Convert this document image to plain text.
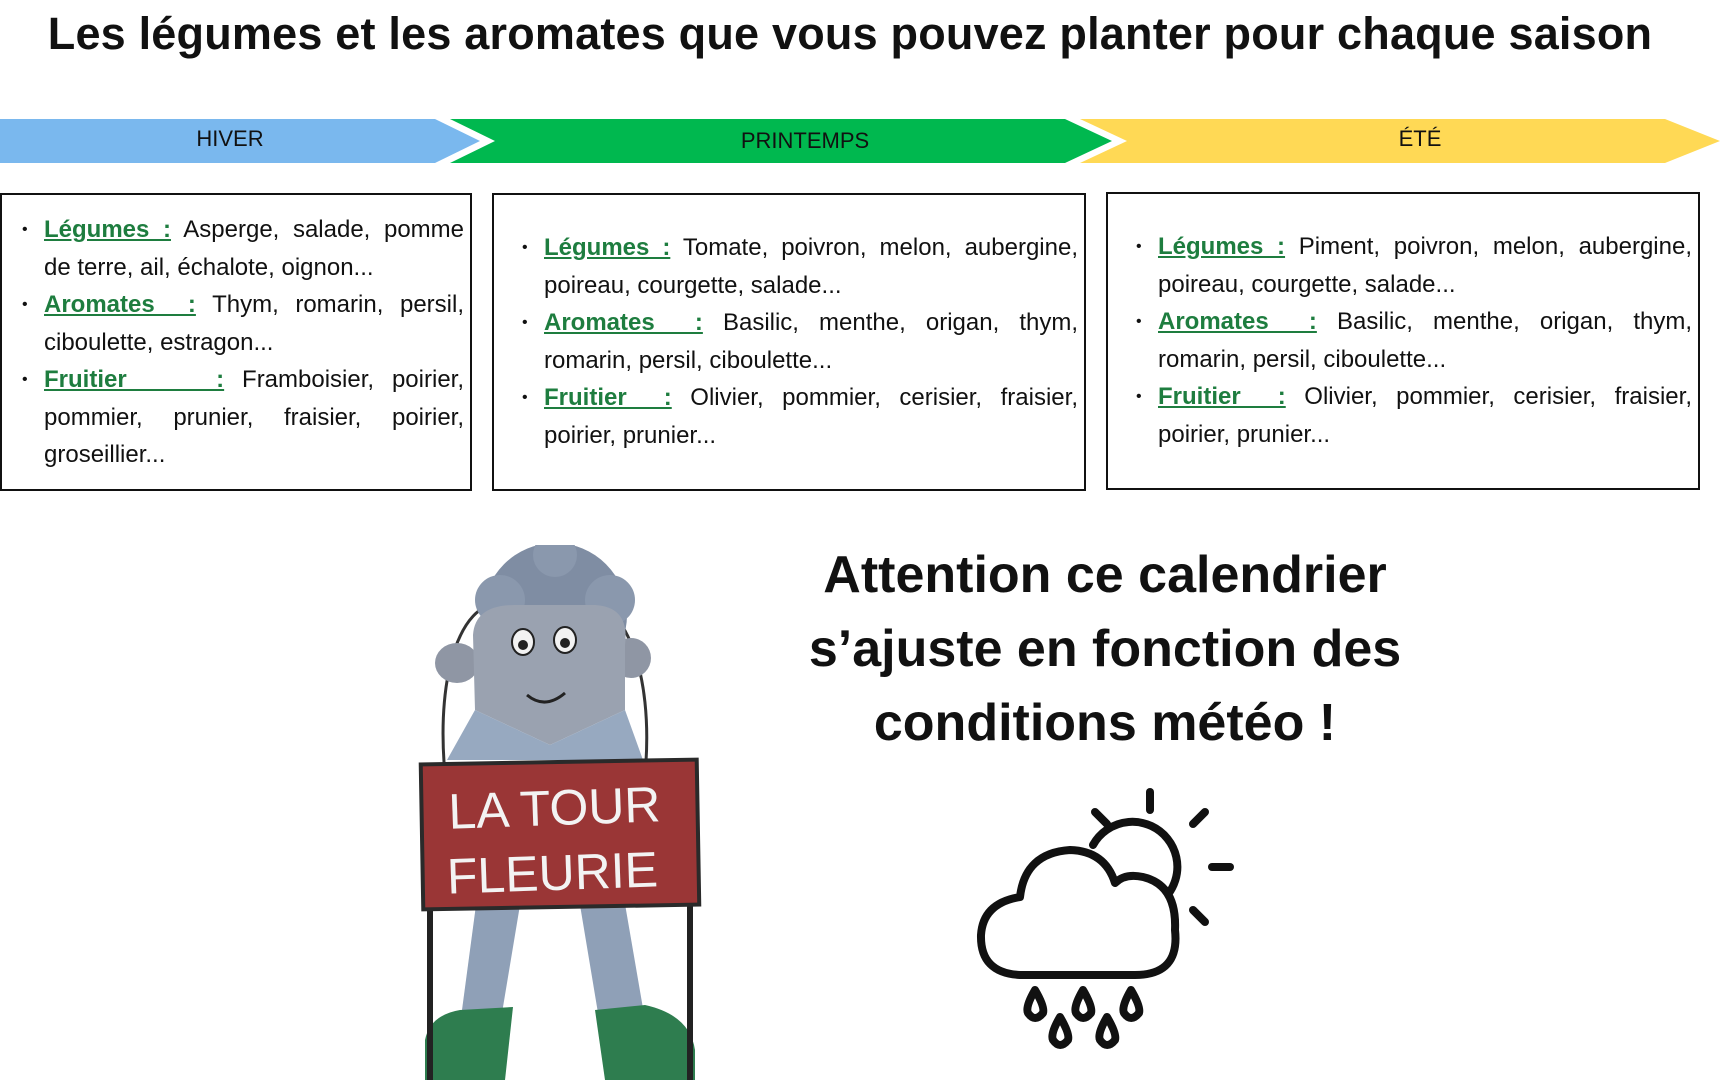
Les légumes et les aromates que vous pouvez planter pour chaque saison
HIVER	PRINTEMPS	ÉTÉ
• Légumes : Asperge, salade, pomme de terre, ail, échalote, oignon...
• Aromates  : Thym, romarin, persil, ciboulette, estragon...
• Fruitier     : Framboisier, poirier, pommier, prunier, fraisier, poirier, groseillier...
• Légumes : Tomate, poivron, melon, aubergine, poireau, courgette, salade...
• Aromates  : Basilic, menthe, origan, thym, romarin, persil, ciboulette...
• Fruitier  : Olivier, pommier, cerisier, fraisier, poirier, prunier...
• Légumes : Piment, poivron, melon, aubergine, poireau, courgette, salade...
• Aromates  : Basilic, menthe, origan, thym, romarin, persil, ciboulette...
• Fruitier  : Olivier, pommier, cerisier, fraisier, poirier, prunier...
LA TOUR
FLEURIE
Attention ce calendrier
s’ajuste en fonction des
conditions météo !
